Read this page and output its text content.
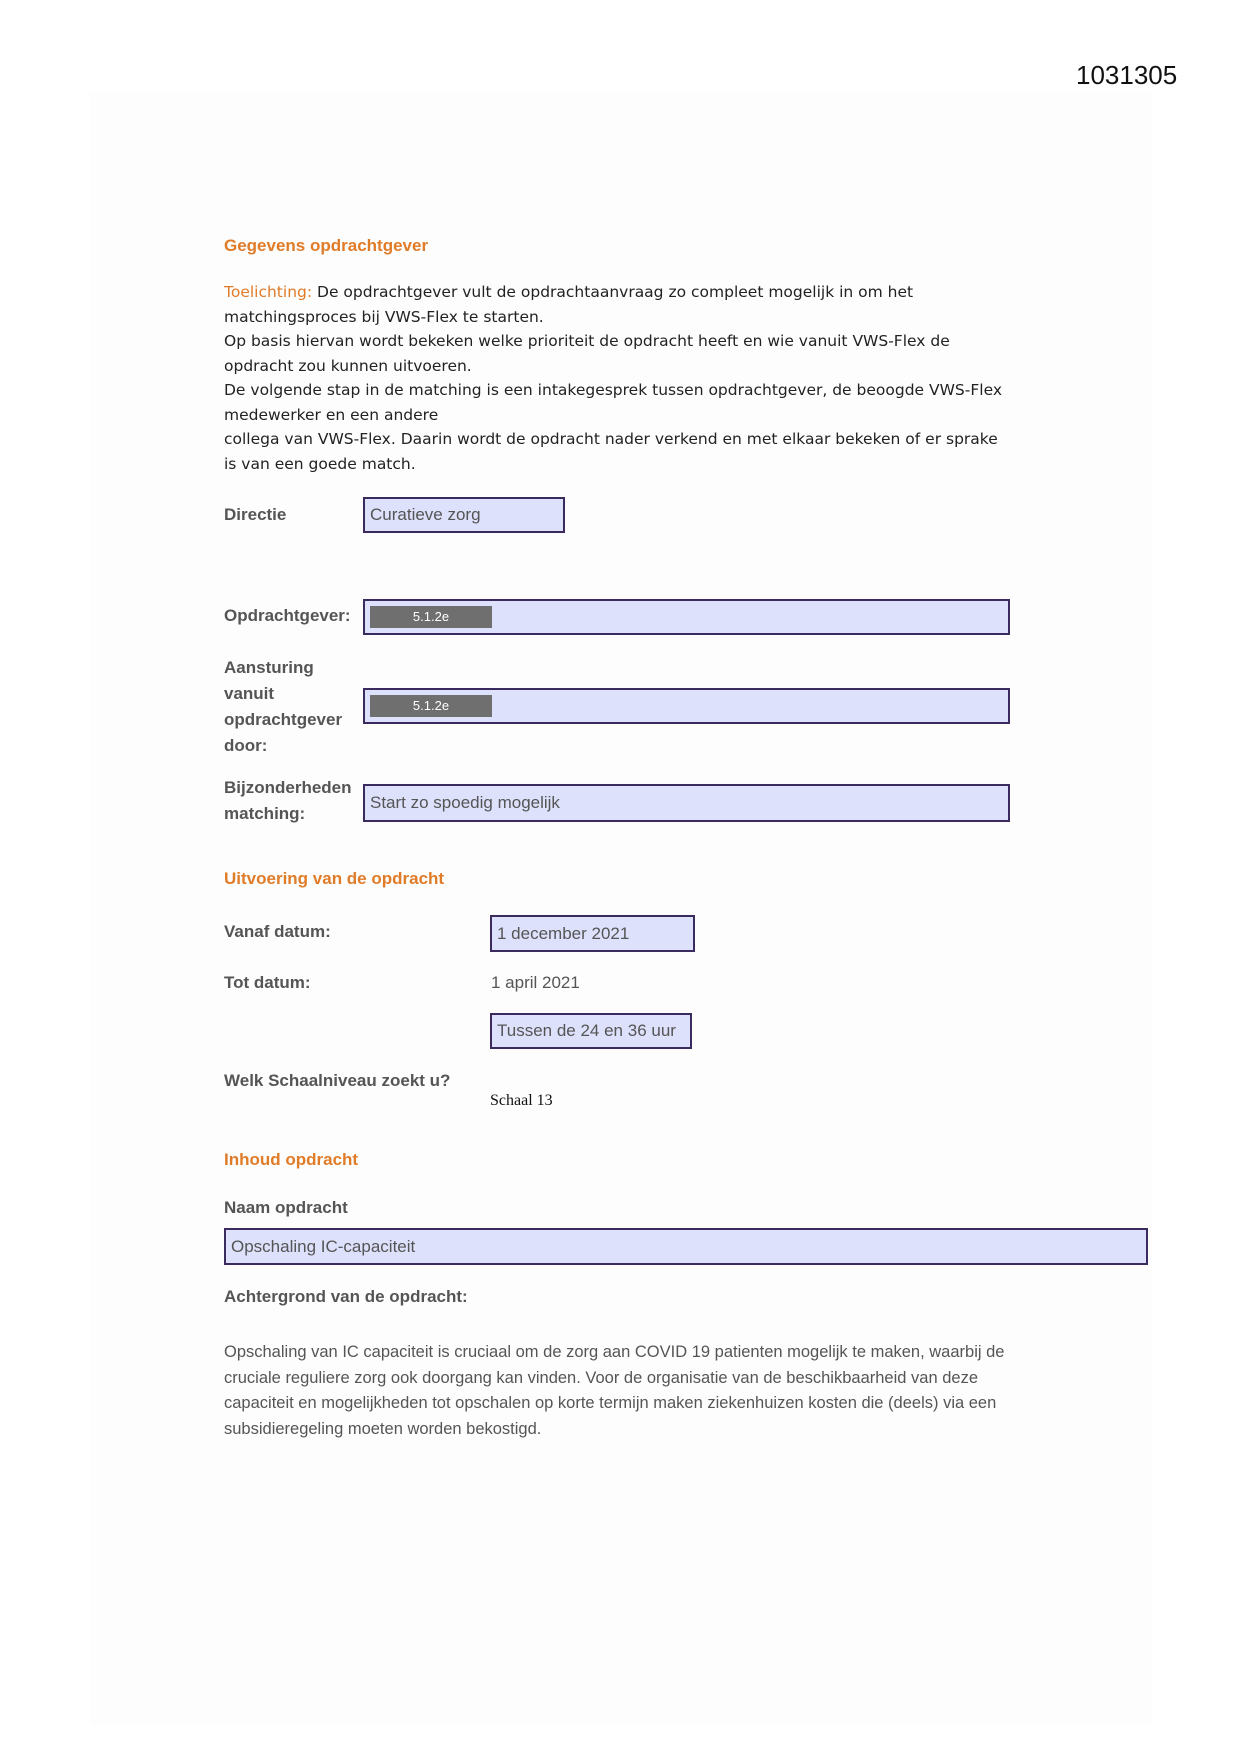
1031305
Gegevens opdrachtgever

Toelichting: De opdrachtgever vult de opdrachtaanvraag zo compleet mogelijk in om het matchingsproces bij VWS-Flex te starten.

Op basis hiervan wordt bekeken welke prioriteit de opdracht heeft en wie vanuit VWS-Flex de opdracht zou kunnen uitvoeren.

De volgende stap in de matching is een intakegesprek tussen opdrachtgever, de beoogde VWS-Flex medewerker en een andere

collega van VWS-Flex. Daarin wordt de opdracht nader verkend en met elkaar bekeken of er sprake is van een goede match.

Directie	Curatieve zorg
Opdrachtgever:	5.1.2e
Aansturing vanuit opdrachtgever door:
5.1.2e
Bijzonderheden matching:
Start zo spoedig mogelijk
Uitvoering van de opdracht
Vanaf datum:	1 december 2021
Tot datum:	1 april 2021
Tussen de 24 en 36 uur
Welk Schaalniveau zoekt u?
Schaal 13
Inhoud opdracht
Naam opdracht
Opschaling IC-capaciteit
Achtergrond van de opdracht:

Opschaling van IC capaciteit is cruciaal om de zorg aan COVID 19 patienten mogelijk te maken, waarbij de cruciale reguliere zorg ook doorgang kan vinden. Voor de organisatie van de beschikbaarheid van deze capaciteit en mogelijkheden tot opschalen op korte termijn maken ziekenhuizen kosten die (deels) via een subsidieregeling moeten worden bekostigd.
